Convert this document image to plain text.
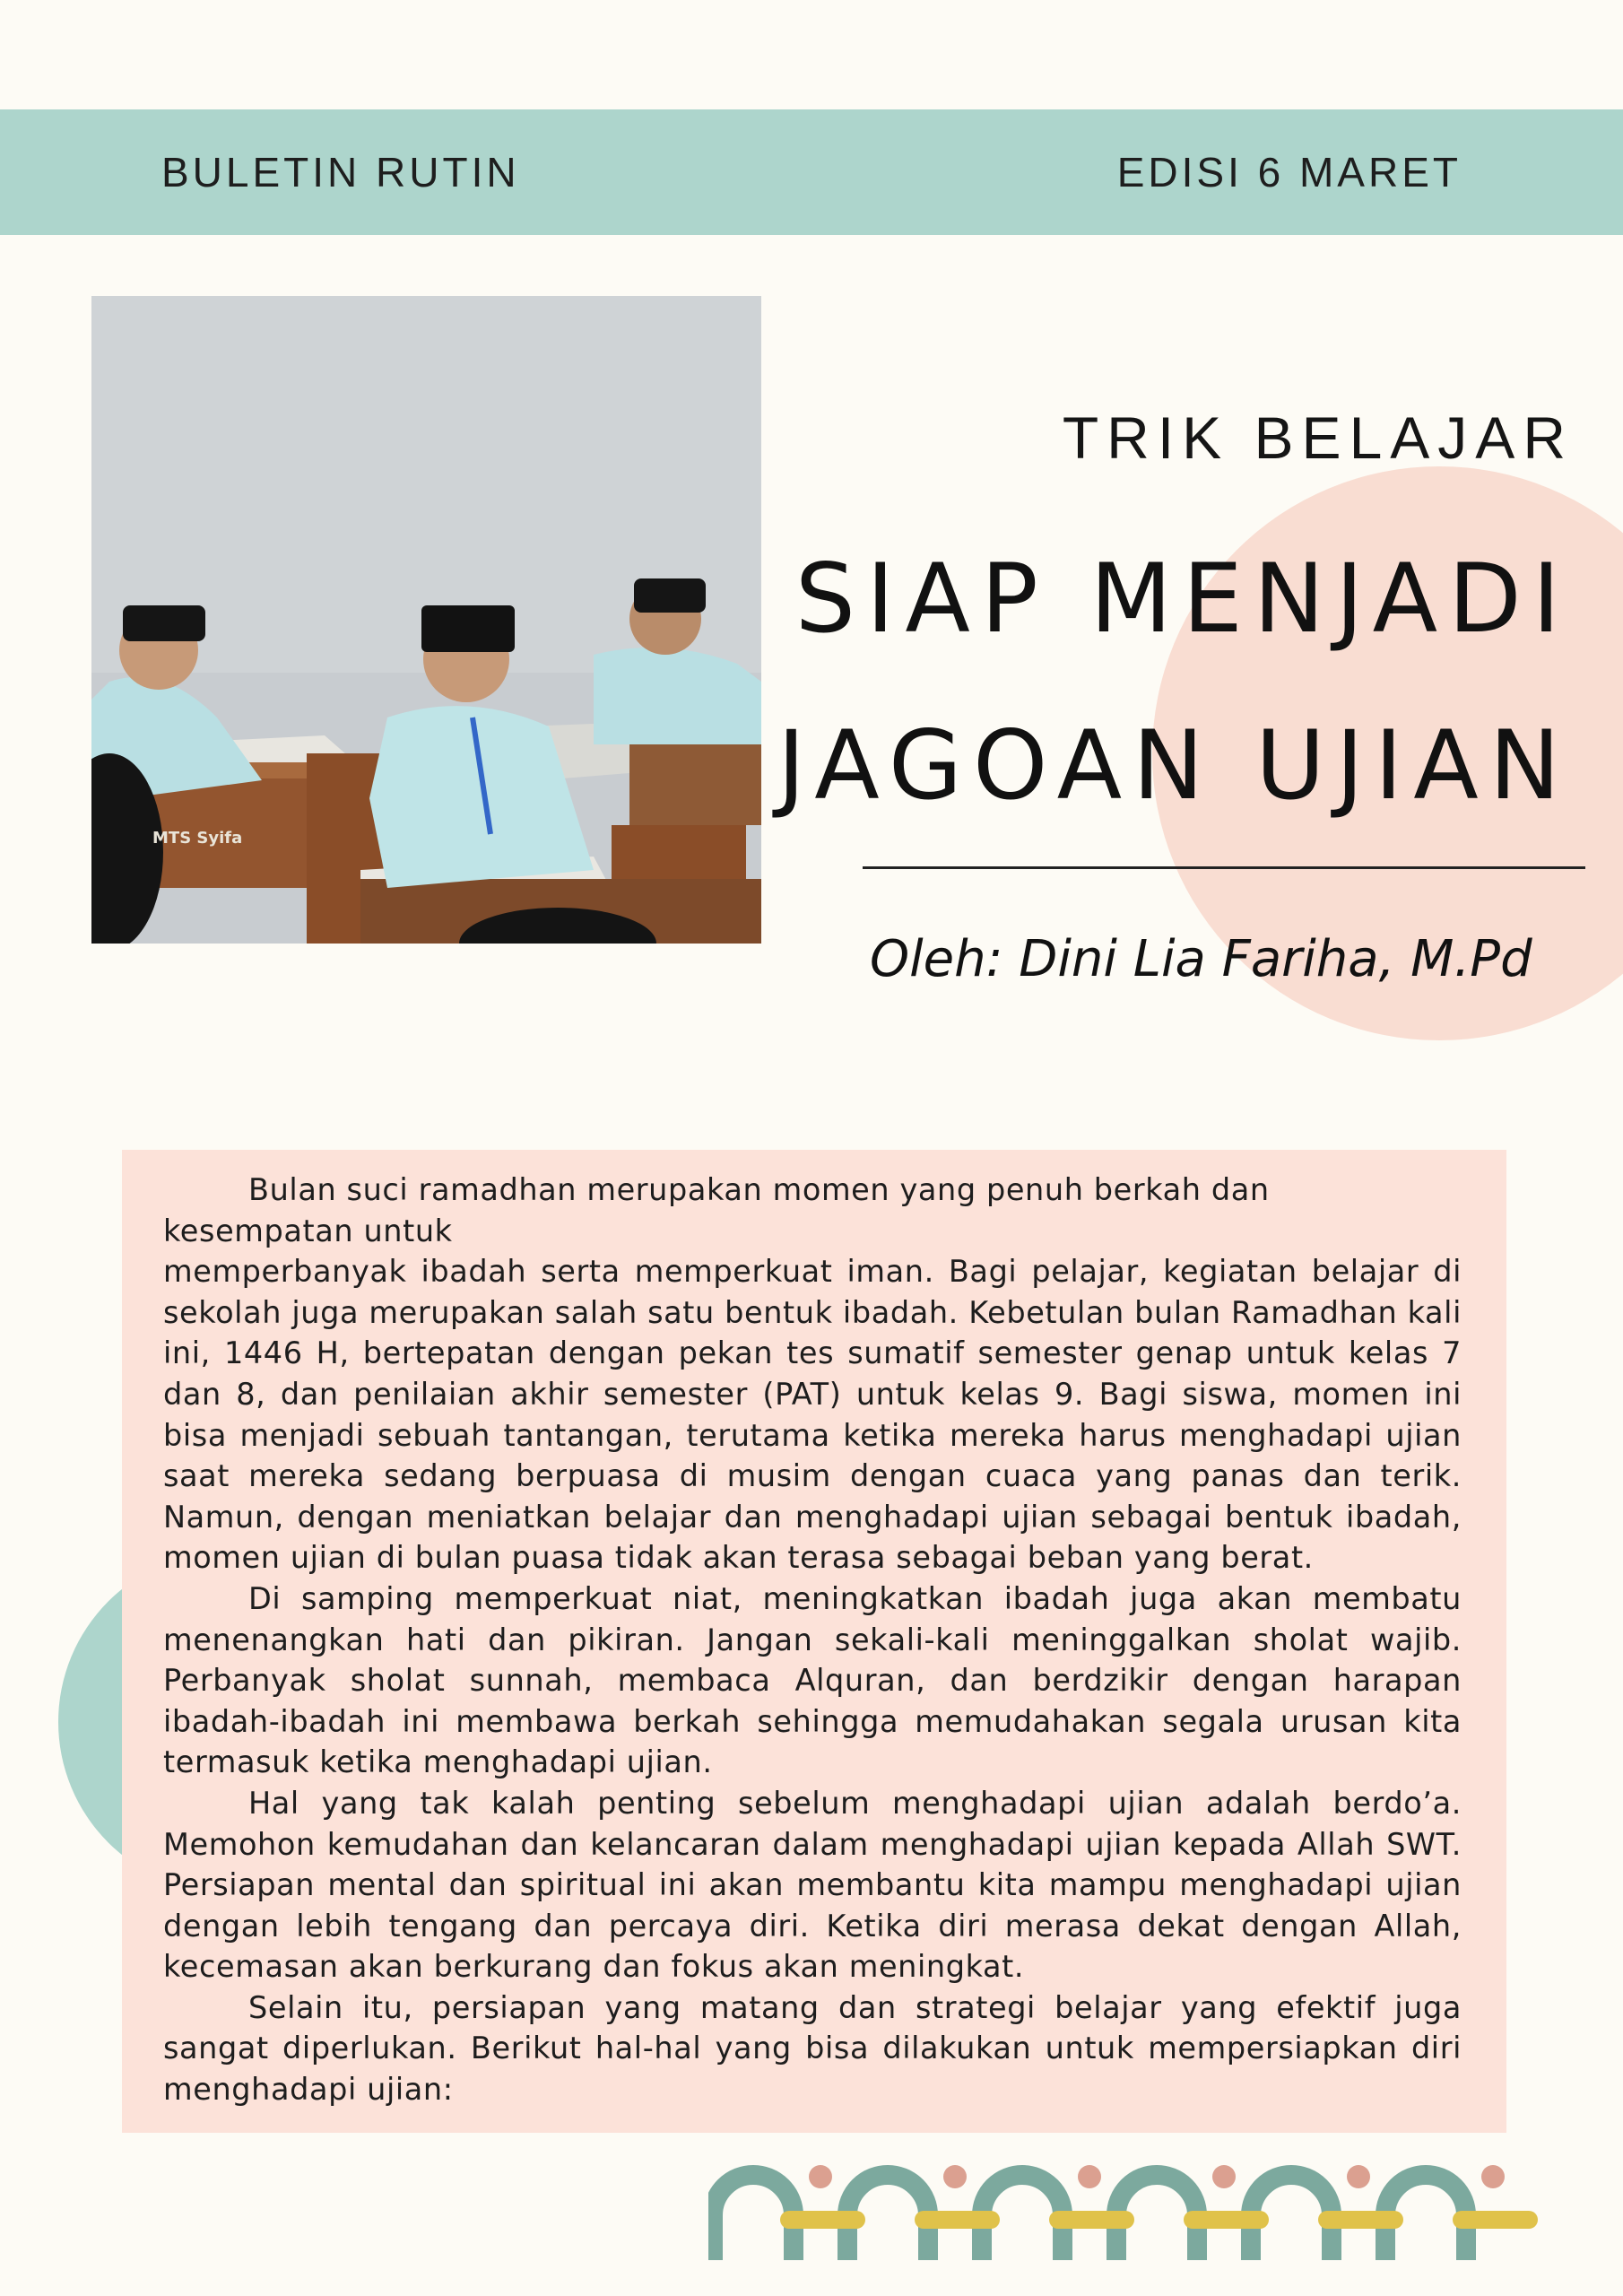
BULETIN RUTIN	EDISI 6 MARET
MTS Syifa
TRIK BELAJAR
SIAP MENJADI
JAGOAN UJIAN
Oleh: Dini Lia Fariha, M.Pd

Bulan suci ramadhan merupakan momen yang penuh berkah dan kesempatan untuk

memperbanyak ibadah serta memperkuat iman. Bagi pelajar, kegiatan belajar di sekolah juga merupakan salah satu bentuk ibadah. Kebetulan bulan Ramadhan kali ini, 1446 H, bertepatan dengan pekan tes sumatif semester genap untuk kelas 7 dan 8, dan penilaian akhir semester (PAT) untuk kelas 9. Bagi siswa, momen ini bisa menjadi sebuah tantangan, terutama ketika mereka harus menghadapi ujian saat mereka sedang berpuasa di musim dengan cuaca yang panas dan terik. Namun, dengan meniatkan belajar dan menghadapi ujian sebagai bentuk ibadah, momen ujian di bulan puasa tidak akan terasa sebagai beban yang berat.

Di samping memperkuat niat, meningkatkan ibadah juga akan membatu menenangkan hati dan pikiran. Jangan sekali-kali meninggalkan sholat wajib. Perbanyak sholat sunnah, membaca Alquran, dan berdzikir dengan harapan ibadah-ibadah ini membawa berkah sehingga memudahakan segala urusan kita termasuk ketika menghadapi ujian.

Hal yang tak kalah penting sebelum menghadapi ujian adalah berdo’a. Memohon kemudahan dan kelancaran dalam menghadapi ujian kepada Allah SWT. Persiapan mental dan spiritual ini akan membantu kita mampu menghadapi ujian dengan lebih tengang dan percaya diri. Ketika diri merasa dekat dengan Allah, kecemasan akan berkurang dan fokus akan meningkat.

Selain itu, persiapan yang matang dan strategi belajar yang efektif juga sangat diperlukan. Berikut hal-hal yang bisa dilakukan untuk mempersiapkan diri menghadapi ujian:
